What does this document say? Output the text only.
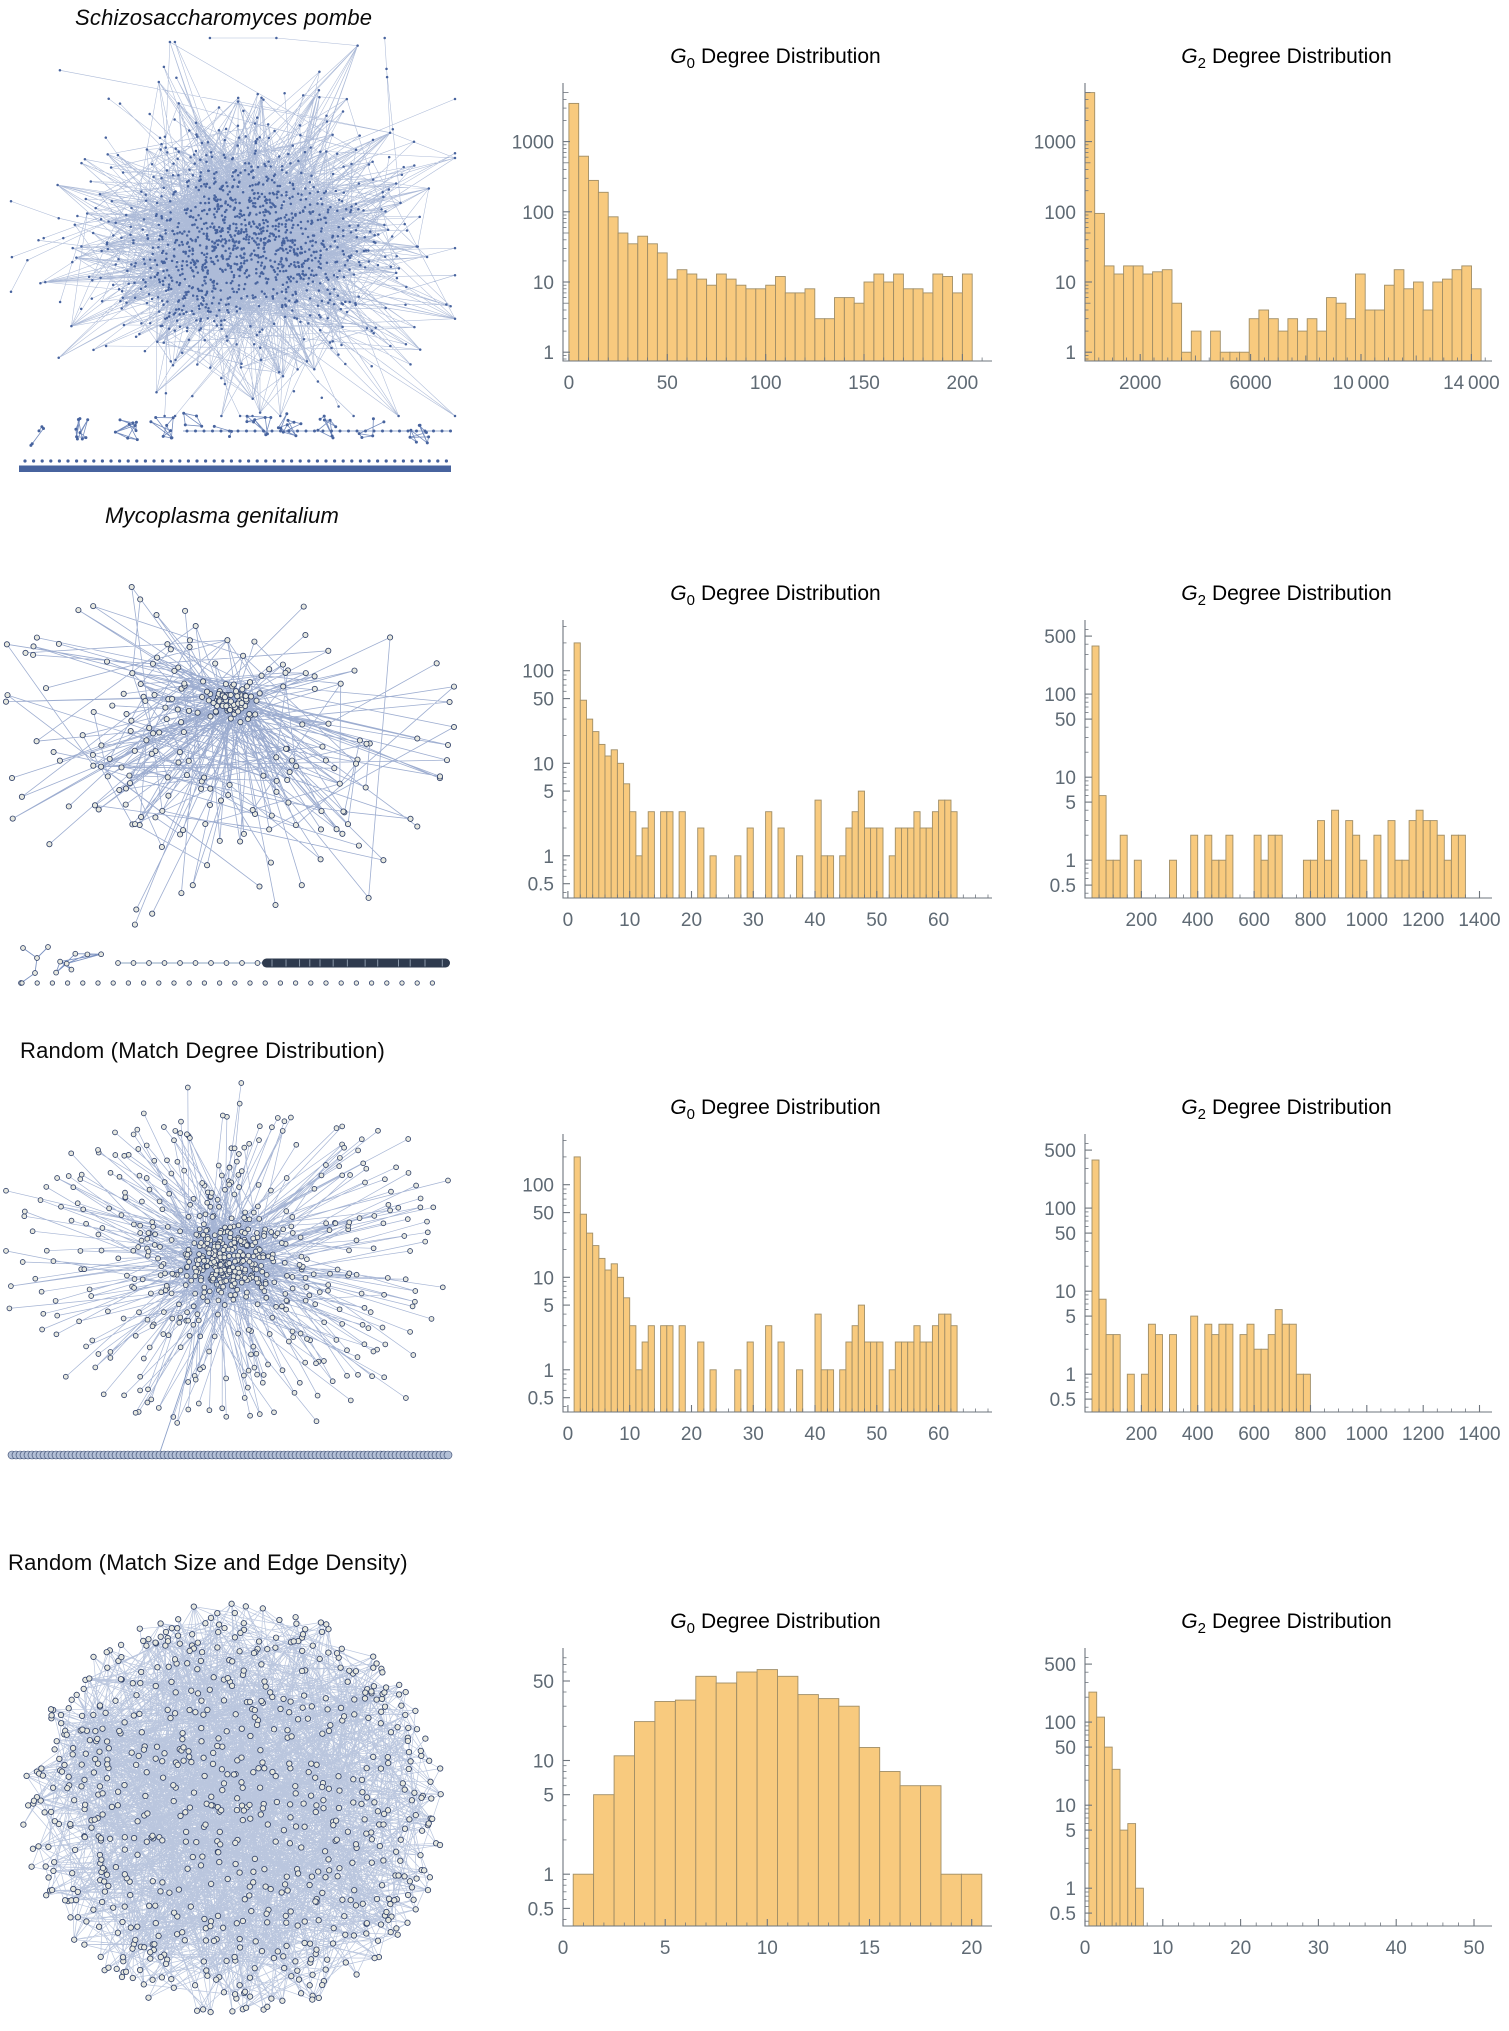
Schizosaccharomyces pombe
$G_0$ Degree Distribution
1
10
100
1000
0	50	100	150	200
$G_2$ Degree Distribution
1
10
100
1000
2000	6000	10 000	14 000
Mycoplasma genitalium
$G_0$ Degree Distribution
0.5
1
5
10
50
100
0 10 20 30 40 50 60
$G_2$ Degree Distribution
0.5
1
5
10
50
100
500
200 400 600 800 1000 1200 1400
Random (Match Degree Distribution)
$G_0$ Degree Distribution
0.5
1
5
10
50
100
0 10 20 30 40 50 60
$G_2$ Degree Distribution
0.5
1
5
10
50
100
500
200 400 600 800 1000 1200 1400
Random (Match Size and Edge Density)
$G_0$ Degree Distribution
0.5
1
5
10
50
0	5	10	15	20
$G_2$ Degree Distribution
0.5
1
5
10
50
100
500
0	10	20	30	40	50
